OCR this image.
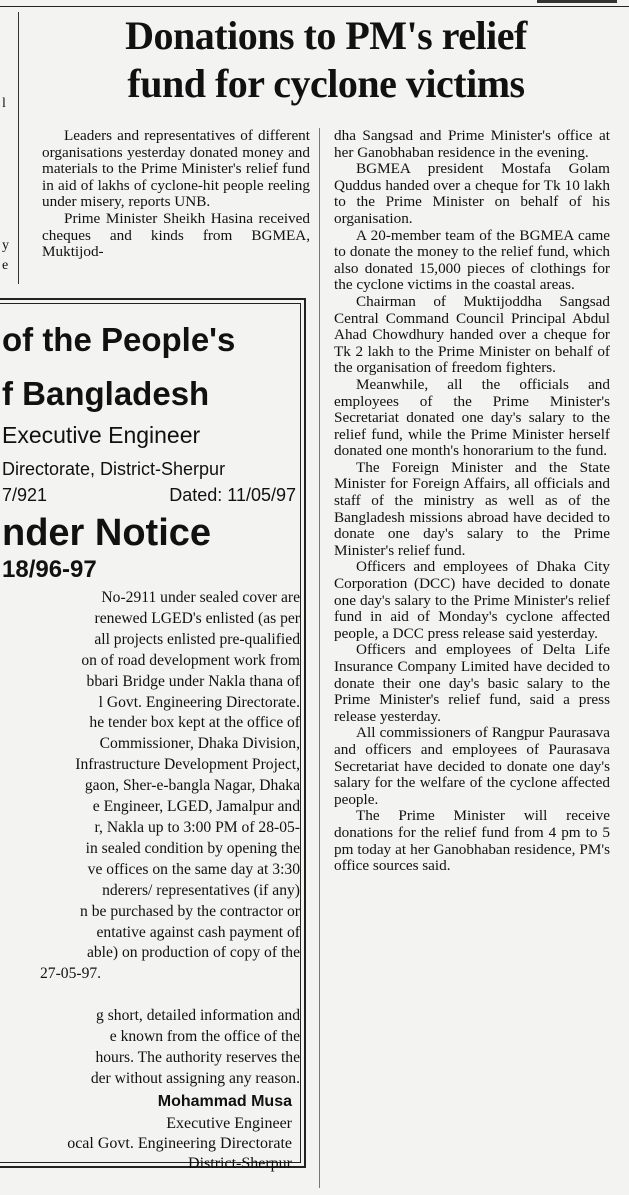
l
y
e
Donations to PM's relief
fund for cyclone victims

Leaders and representatives of different organisations yesterday donated money and materials to the Prime Minister's relief fund in aid of lakhs of cyclone-hit people reeling under misery, reports UNB.

Prime Minister Sheikh Hasina received cheques and kinds from BGMEA, Muktijod-

dha Sangsad and Prime Minister's office at her Ganobhaban residence in the evening.

BGMEA president Mostafa Golam Quddus handed over a cheque for Tk 10 lakh to the Prime Minister on behalf of his organisation.

A 20-member team of the BGMEA came to donate the money to the relief fund, which also donated 15,000 pieces of clothings for the cyclone victims in the coastal areas.

Chairman of Muktijoddha Sangsad Central Command Council Principal Abdul Ahad Chowdhury handed over a cheque for Tk 2 lakh to the Prime Minister on behalf of the organisation of freedom fighters.

Meanwhile, all the officials and employees of the Prime Minister's Secretariat donated one day's salary to the relief fund, while the Prime Minister herself donated one month's honorarium to the fund.

The Foreign Minister and the State Minister for Foreign Affairs, all officials and staff of the ministry as well as of the Bangladesh missions abroad have decided to donate one day's salary to the Prime Minister's relief fund.

Officers and employees of Dhaka City Corporation (DCC) have decided to donate one day's salary to the Prime Minister's relief fund in aid of Monday's cyclone affected people, a DCC press release said yesterday.

Officers and employees of Delta Life Insurance Company Limited have decided to donate their one day's basic salary to the Prime Minister's relief fund, said a press release yesterday.

All commissioners of Rangpur Paurasava and officers and employees of Paurasava Secretariat have decided to donate one day's salary for the welfare of the cyclone affected people.

The Prime Minister will receive donations for the relief fund from 4 pm to 5 pm today at her Ganobhaban residence, PM's office sources said.

of the People's
f Bangladesh
Executive Engineer
Directorate, District-Sherpur
7/921	Dated: 11/05/97
nder Notice
18/96-97
No-2911 under sealed cover are
renewed LGED's enlisted (as per
all projects enlisted pre-qualified
on of road development work from
bbari Bridge under Nakla thana of
l Govt. Engineering Directorate.
he tender box kept at the office of
Commissioner, Dhaka Division,
Infrastructure Development Project,
gaon, Sher-e-bangla Nagar, Dhaka
e Engineer, LGED, Jamalpur and
r, Nakla up to 3:00 PM of 28-05-
in sealed condition by opening the
ve offices on the same day at 3:30
nderers/ representatives (if any)
n be purchased by the contractor or
entative against cash payment of
able) on production of copy of the
27-05-97.
g short, detailed information and
e known from the office of the
hours. The authority reserves the
der without assigning any reason.
Mohammad Musa
Executive Engineer
ocal Govt. Engineering Directorate
District-Sherpur
